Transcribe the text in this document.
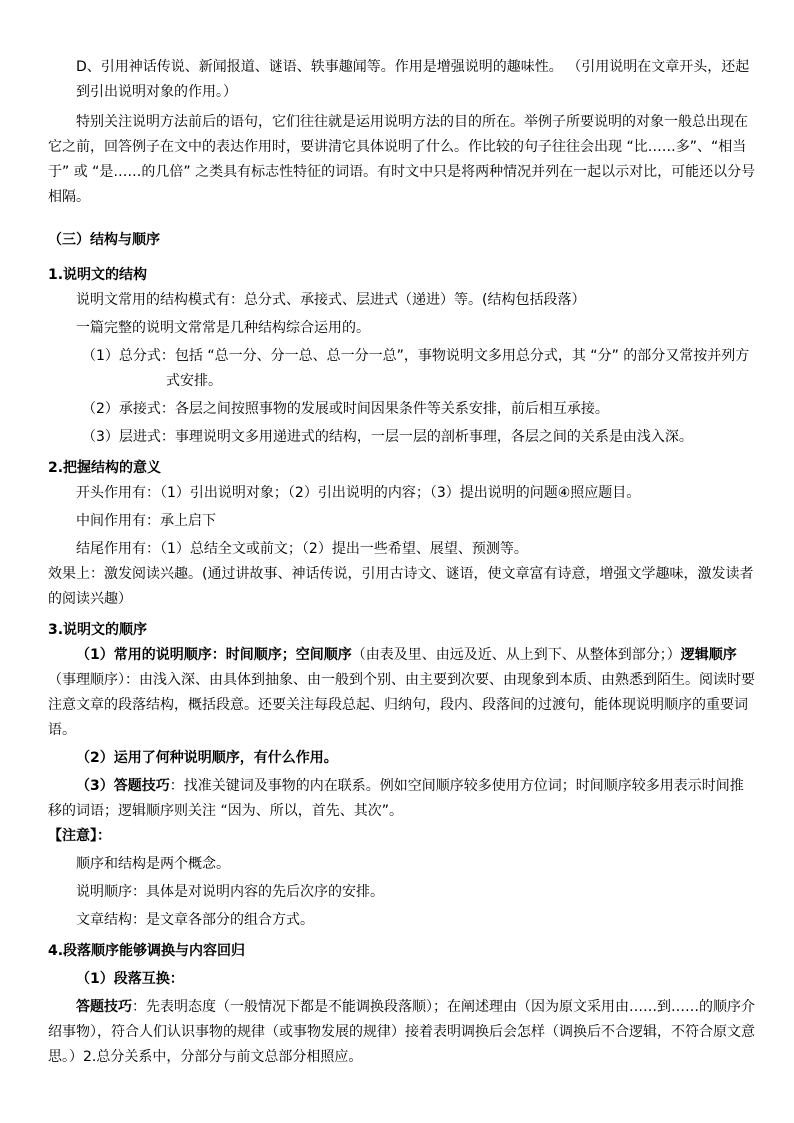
D、引用神话传说、新闻报道、谜语、轶事趣闻等。作用是增强说明的趣味性。 （引用说明在文章开头，还起到引出说明对象的作用。）

特别关注说明方法前后的语句，它们往往就是运用说明方法的目的所在。举例子所要说明的对象一般总出现在它之前，回答例子在文中的表达作用时，要讲清它具体说明了什么。作比较的句子往往会出现 “比……多”、“相当于” 或 “是……的几倍” 之类具有标志性特征的词语。有时文中只是将两种情况并列在一起以示对比，可能还以分号相隔。

（三）结构与顺序

1.说明文的结构

说明文常用的结构模式有：总分式、承接式、层进式（递进）等。(结构包括段落）

一篇完整的说明文常常是几种结构综合运用的。

（1）总分式：包括 “总一分、分一总、总一分一总”，事物说明文多用总分式，其 “分” 的部分又常按并列方式安排。

（2）承接式：各层之间按照事物的发展或时间因果条件等关系安排，前后相互承接。

（3）层进式：事理说明文多用递进式的结构，一层一层的剖析事理，各层之间的关系是由浅入深。

2.把握结构的意义

开头作用有：（1）引出说明对象；（2）引出说明的内容；（3）提出说明的问题④照应题目。

中间作用有：承上启下

结尾作用有：（1）总结全文或前文；（2）提出一些希望、展望、预测等。

效果上：激发阅读兴趣。(通过讲故事、神话传说，引用古诗文、谜语，使文章富有诗意，增强文学趣味，激发读者的阅读兴趣）

3.说明文的顺序

（1）常用的说明顺序：时间顺序；空间顺序（由表及里、由远及近、从上到下、从整体到部分；）逻辑顺序（事理顺序）：由浅入深、由具体到抽象、由一般到个别、由主要到次要、由现象到本质、由熟悉到陌生。阅读时要注意文章的段落结构，概括段意。还要关注每段总起、归纳句，段内、段落间的过渡句，能体现说明顺序的重要词语。

（2）运用了何种说明顺序，有什么作用。

（3）答题技巧：找准关键词及事物的内在联系。例如空间顺序较多使用方位词；时间顺序较多用表示时间推移的词语；逻辑顺序则关注 “因为、所以，首先、其次”。

【注意】：

顺序和结构是两个概念。

说明顺序：具体是对说明内容的先后次序的安排。

文章结构：是文章各部分的组合方式。

4.段落顺序能够调换与内容回归

（1）段落互换：

答题技巧：先表明态度（一般情况下都是不能调换段落顺）；在阐述理由（因为原文采用由……到……的顺序介绍事物），符合人们认识事物的规律（或事物发展的规律）接着表明调换后会怎样（调换后不合逻辑，不符合原文意思。）2.总分关系中，分部分与前文总部分相照应。
